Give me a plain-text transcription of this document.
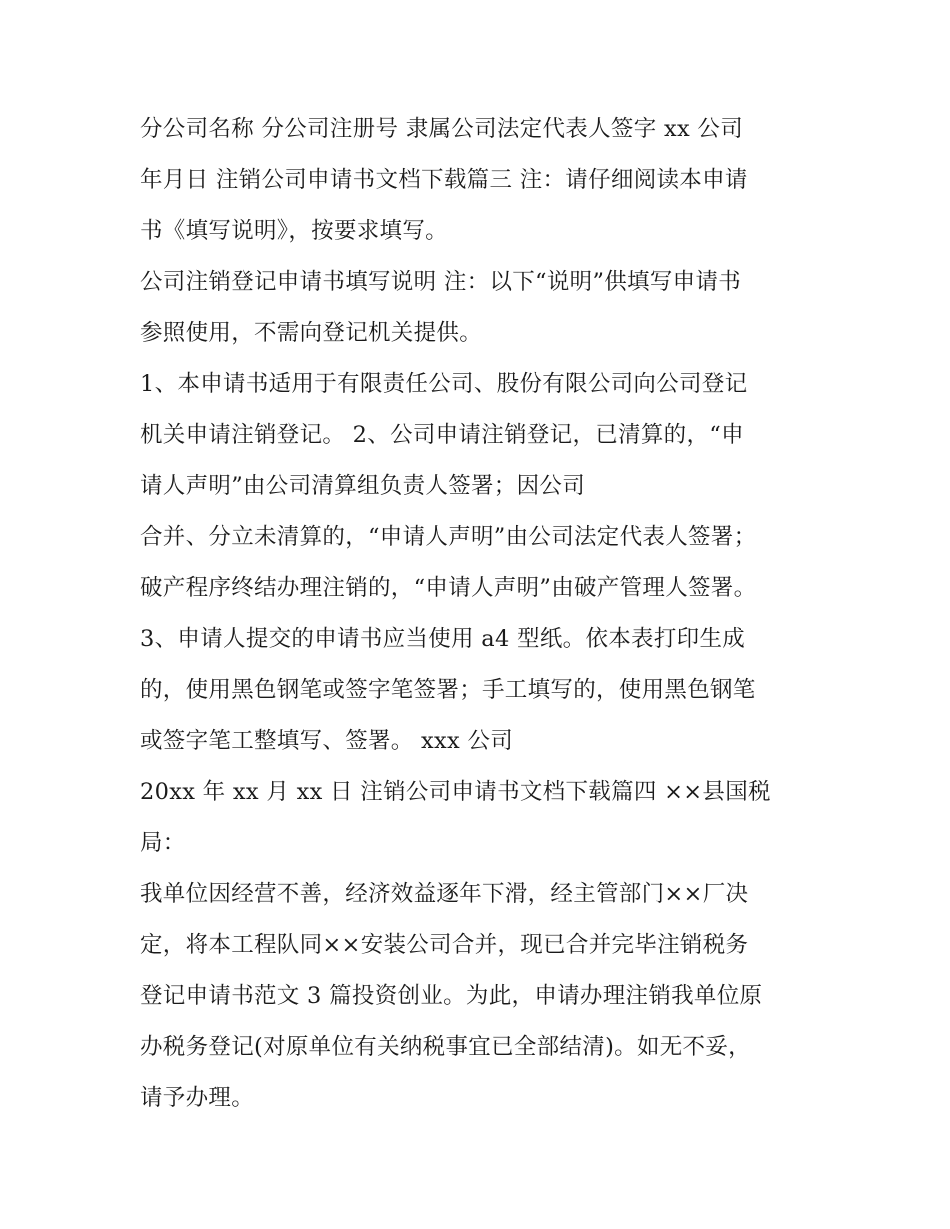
分公司名称 分公司注册号 隶属公司法定代表人签字 xx 公司
年月日 注销公司申请书文档下载篇三 注：请仔细阅读本申请
书《填写说明》，按要求填写。
公司注销登记申请书填写说明 注：以下“说明”供填写申请书
参照使用，不需向登记机关提供。
1、本申请书适用于有限责任公司、股份有限公司向公司登记
机关申请注销登记。 2、公司申请注销登记，已清算的，“申
请人声明”由公司清算组负责人签署；因公司
合并、分立未清算的，“申请人声明”由公司法定代表人签署；
破产程序终结办理注销的，“申请人声明”由破产管理人签署。
3、申请人提交的申请书应当使用 a4 型纸。依本表打印生成
的，使用黑色钢笔或签字笔签署；手工填写的，使用黑色钢笔
或签字笔工整填写、签署。 xxx 公司
20xx 年 xx 月 xx 日 注销公司申请书文档下载篇四 ××县国税
局：
我单位因经营不善，经济效益逐年下滑，经主管部门××厂决
定，将本工程队同××安装公司合并，现已合并完毕注销税务
登记申请书范文 3 篇投资创业。为此，申请办理注销我单位原
办税务登记(对原单位有关纳税事宜已全部结清)。如无不妥，
请予办理。
